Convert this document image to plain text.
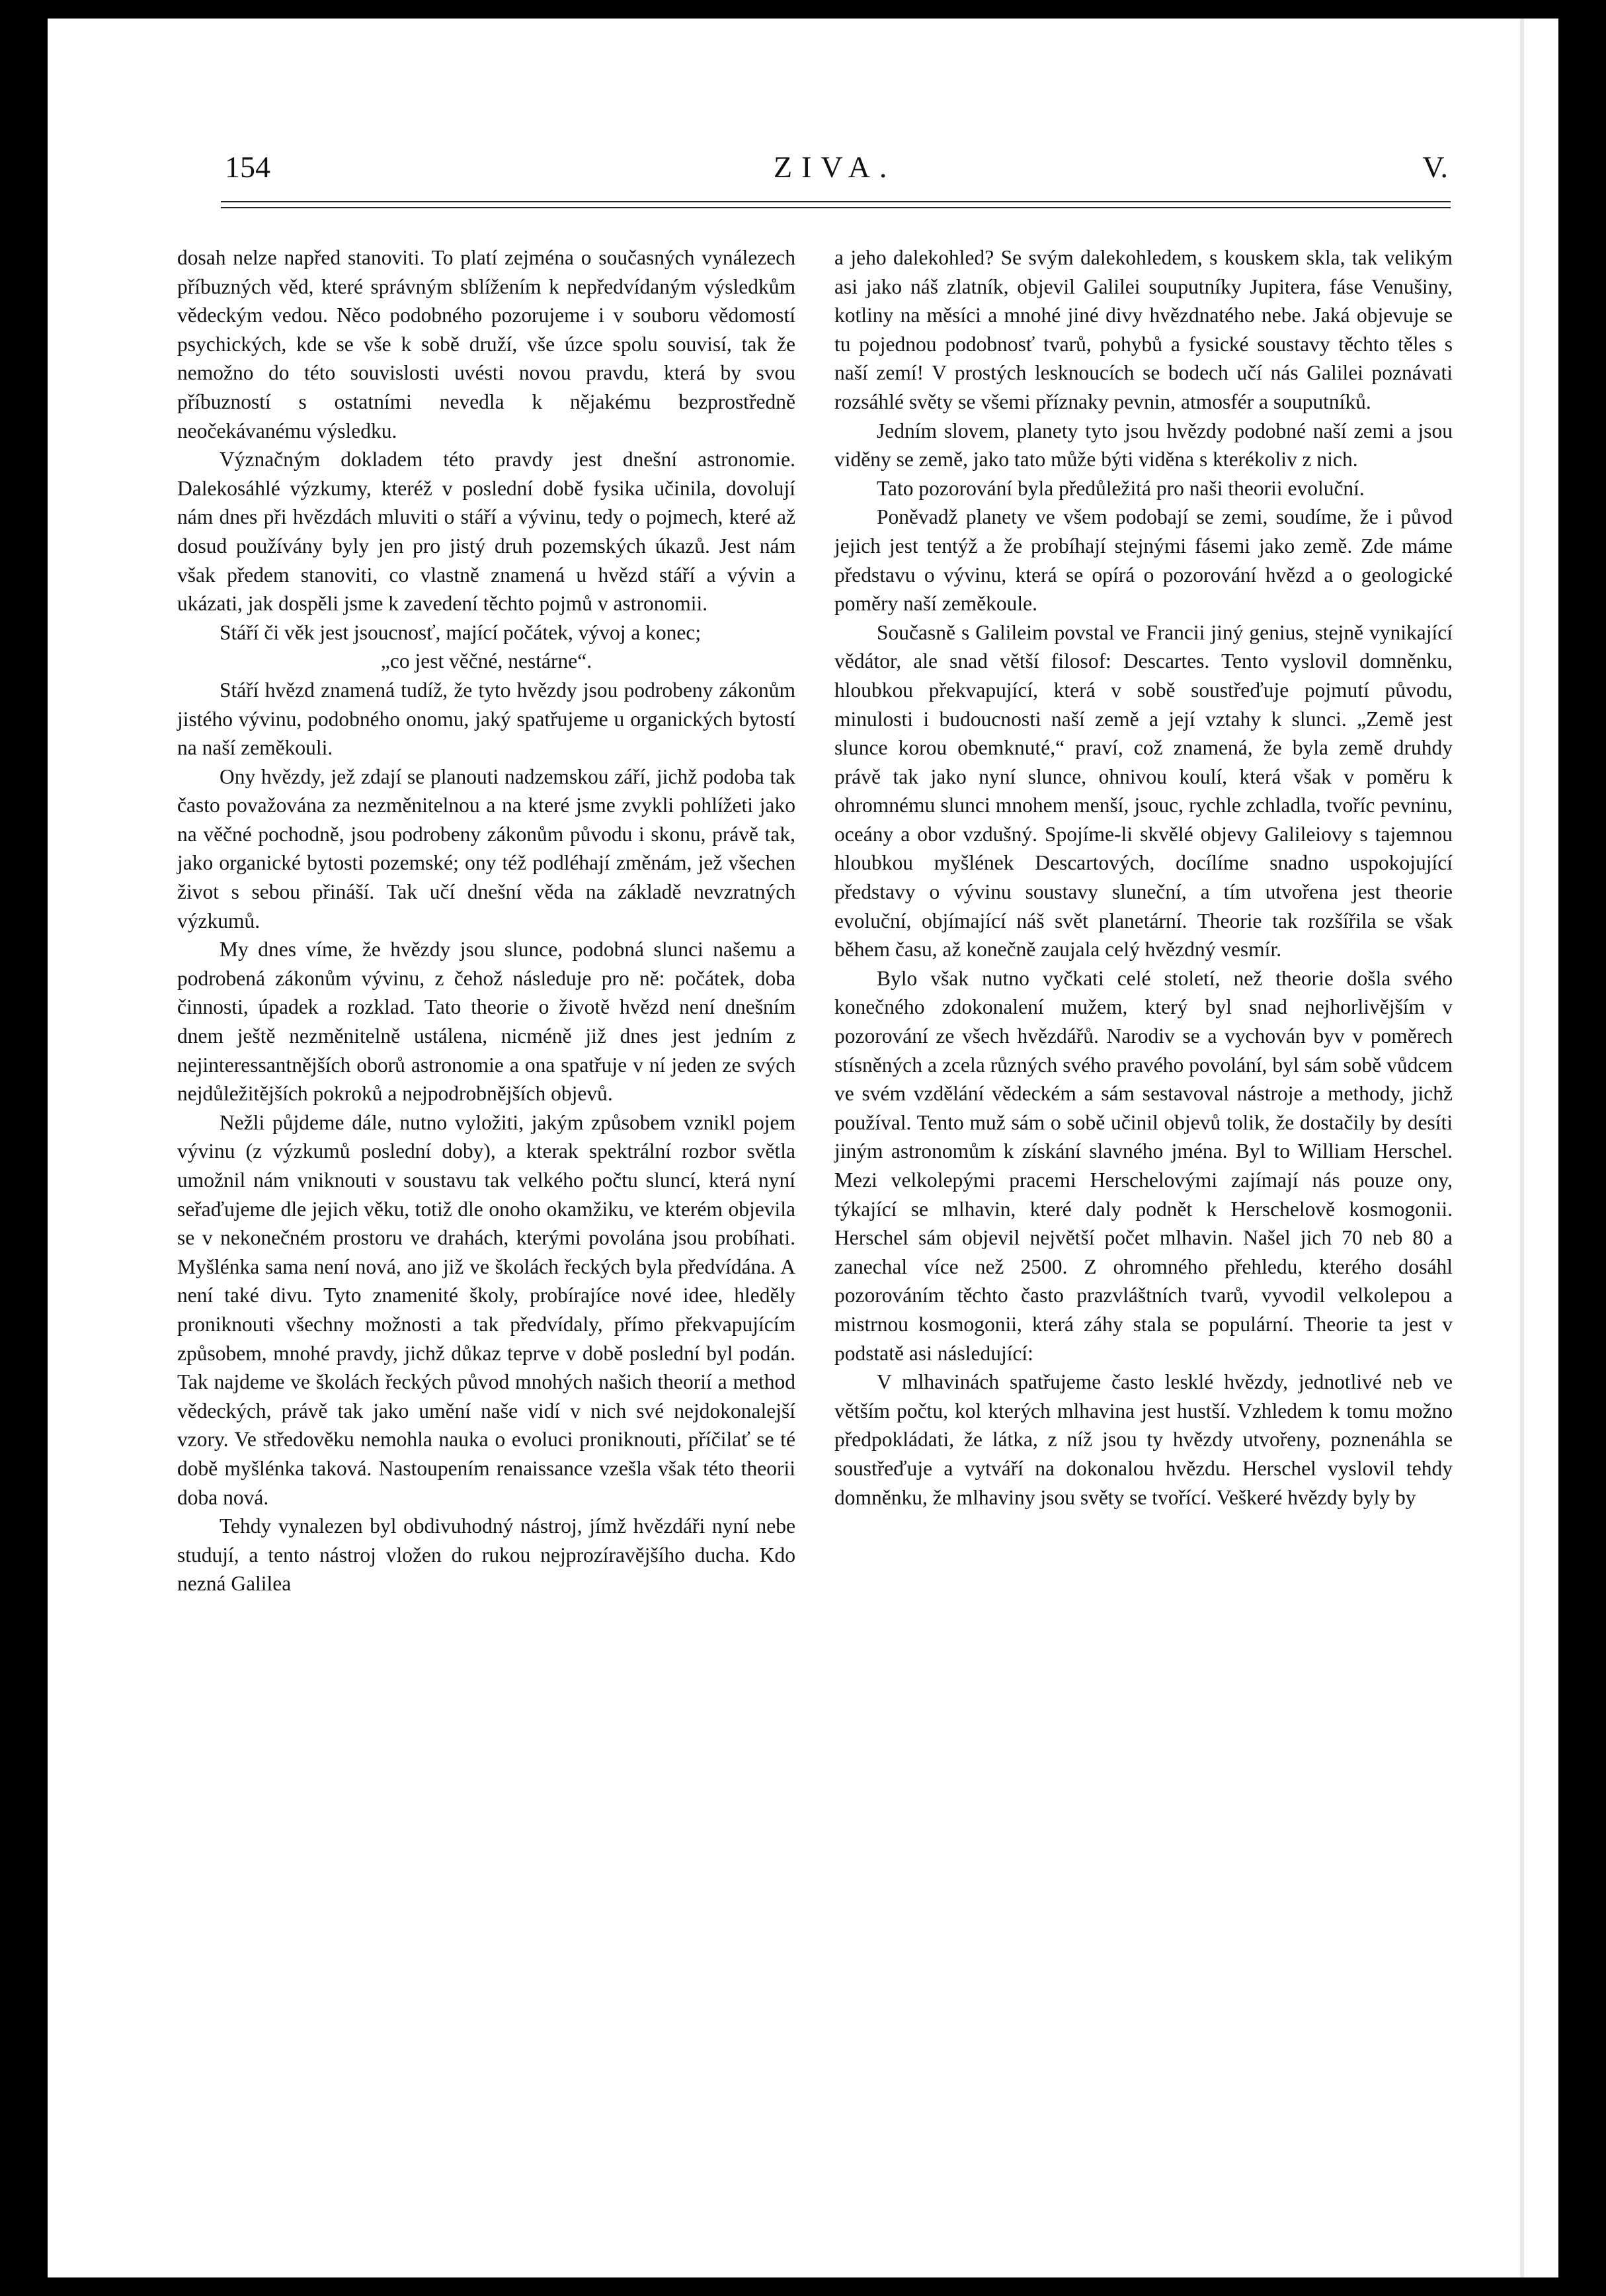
154	ZIVA.	V.

dosah nelze napřed stanoviti. To platí zejména o současných vynálezech příbuzných věd, které správným sblížením k nepředvídaným výsledkům vědeckým vedou. Něco podobného pozorujeme i v souboru vědomostí psychických, kde se vše k sobě druží, vše úzce spolu souvisí, tak že nemožno do této souvislosti uvésti novou pravdu, která by svou příbuzností s ostatními nevedla k nějakému bezprostředně neočekávanému výsledku.

Význačným dokladem této pravdy jest dnešní astronomie. Dalekosáhlé výzkumy, kteréž v poslední době fysika učinila, dovolují nám dnes při hvězdách mluviti o stáří a vývinu, tedy o pojmech, které až dosud používány byly jen pro jistý druh pozemských úkazů. Jest nám však předem stanoviti, co vlastně znamená u hvězd stáří a vývin a ukázati, jak dospěli jsme k zavedení těchto pojmů v astronomii.

Stáří či věk jest jsoucnosť, mající počátek, vývoj a konec;

„co jest věčné, nestárne“.

Stáří hvězd znamená tudíž, že tyto hvězdy jsou podrobeny zákonům jistého vývinu, podobného onomu, jaký spatřujeme u organických bytostí na naší zeměkouli.

Ony hvězdy, jež zdají se planouti nadzemskou září, jichž podoba tak často považována za nezměnitelnou a na které jsme zvykli pohlížeti jako na věčné pochodně, jsou podrobeny zákonům původu i skonu, právě tak, jako organické bytosti pozemské; ony též podléhají změnám, jež všechen život s sebou přináší. Tak učí dnešní věda na základě nevzratných výzkumů.

My dnes víme, že hvězdy jsou slunce, podobná slunci našemu a podrobená zákonům vývinu, z čehož následuje pro ně: počátek, doba činnosti, úpadek a rozklad. Tato theorie o životě hvězd není dnešním dnem ještě nezměnitelně ustálena, nicméně již dnes jest jedním z nejinteressantnějších oborů astronomie a ona spatřuje v ní jeden ze svých nejdůležitějších pokroků a nejpodrobnějších objevů.

Nežli půjdeme dále, nutno vyložiti, jakým způsobem vznikl pojem vývinu (z výzkumů poslední doby), a kterak spektrální rozbor světla umožnil nám vniknouti v soustavu tak velkého počtu sluncí, která nyní seřaďujeme dle jejich věku, totiž dle onoho okamžiku, ve kterém objevila se v nekonečném prostoru ve drahách, kterými povolána jsou probíhati. Myšlénka sama není nová, ano již ve školách řeckých byla předvídána. A není také divu. Tyto znamenité školy, probírajíce nové idee, hleděly proniknouti všechny možnosti a tak předvídaly, přímo překvapujícím způsobem, mnohé pravdy, jichž důkaz teprve v době poslední byl podán. Tak najdeme ve školách řeckých původ mnohých našich theorií a method vědeckých, právě tak jako umění naše vidí v nich své nejdokonalejší vzory. Ve středověku nemohla nauka o evoluci proniknouti, příčilať se té době myšlénka taková. Nastoupením renaissance vzešla však této theorii doba nová.

Tehdy vynalezen byl obdivuhodný nástroj, jímž hvězdáři nyní nebe studují, a tento nástroj vložen do rukou nejprozíravějšího ducha. Kdo nezná Galilea

a jeho dalekohled? Se svým dalekohledem, s kouskem skla, tak velikým asi jako náš zlatník, objevil Galilei souputníky Jupitera, fáse Venušiny, kotliny na měsíci a mnohé jiné divy hvězdnatého nebe. Jaká objevuje se tu pojednou podobnosť tvarů, pohybů a fysické soustavy těchto těles s naší zemí! V prostých lesknoucích se bodech učí nás Galilei poznávati rozsáhlé světy se všemi příznaky pevnin, atmosfér a souputníků.

Jedním slovem, planety tyto jsou hvězdy podobné naší zemi a jsou viděny se země, jako tato může býti viděna s kterékoliv z nich.

Tato pozorování byla předůležitá pro naši theorii evoluční.

Poněvadž planety ve všem podobají se zemi, soudíme, že i původ jejich jest tentýž a že probíhají stejnými fásemi jako země. Zde máme představu o vývinu, která se opírá o pozorování hvězd a o geologické poměry naší zeměkoule.

Současně s Galileim povstal ve Francii jiný genius, stejně vynikající vědátor, ale snad větší filosof: Descartes. Tento vyslovil domněnku, hloubkou překvapující, která v sobě soustřeďuje pojmutí původu, minulosti i budoucnosti naší země a její vztahy k slunci. „Země jest slunce korou obemknuté,“ praví, což znamená, že byla země druhdy právě tak jako nyní slunce, ohnivou koulí, která však v poměru k ohromnému slunci mnohem menší, jsouc, rychle zchladla, tvoříc pevninu, oceány a obor vzdušný. Spojíme-li skvělé objevy Galileiovy s tajemnou hloubkou myšlének Descartových, docílíme snadno uspokojující představy o vývinu soustavy sluneční, a tím utvořena jest theorie evoluční, objímající náš svět planetární. Theorie tak rozšířila se však během času, až konečně zaujala celý hvězdný vesmír.

Bylo však nutno vyčkati celé století, než theorie došla svého konečného zdokonalení mužem, který byl snad nejhorlivějším v pozorování ze všech hvězdářů. Narodiv se a vychován byv v poměrech stísněných a zcela různých svého pravého povolání, byl sám sobě vůdcem ve svém vzdělání vědeckém a sám sestavoval nástroje a methody, jichž používal. Tento muž sám o sobě učinil objevů tolik, že dostačily by desíti jiným astronomům k získání slavného jména. Byl to William Herschel. Mezi velkolepými pracemi Herschelovými zajímají nás pouze ony, týkající se mlhavin, které daly podnět k Herschelově kosmogonii. Herschel sám objevil největší počet mlhavin. Našel jich 70 neb 80 a zanechal více než 2500. Z ohromného přehledu, kterého dosáhl pozorováním těchto často prazvláštních tvarů, vyvodil velkolepou a mistrnou kosmogonii, která záhy stala se populární. Theorie ta jest v podstatě asi následující:

V mlhavinách spatřujeme často lesklé hvězdy, jednotlivé neb ve větším počtu, kol kterých mlhavina jest hustší. Vzhledem k tomu možno předpokládati, že látka, z níž jsou ty hvězdy utvořeny, poznenáhla se soustřeďuje a vytváří na dokonalou hvězdu. Herschel vyslovil tehdy domněnku, že mlhaviny jsou světy se tvořící. Veškeré hvězdy byly by
